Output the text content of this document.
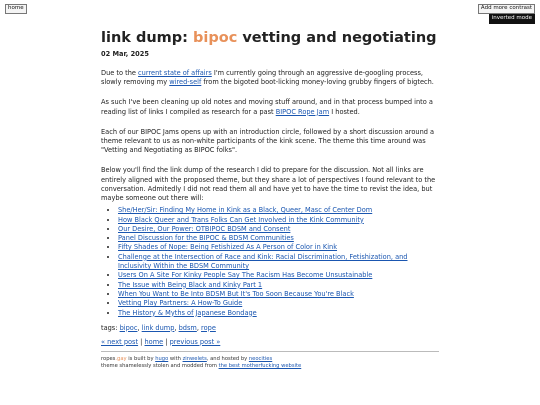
home	Add more contrast
inverted mode
link dump: bipoc vetting and negotiating
02 Mar, 2025

Due to the current state of affairs I'm currently going through an aggressive de-googling process, slowly removing my wired-self from the bigoted boot-licking money-loving grubby fingers of bigtech.

As such I've been cleaning up old notes and moving stuff around, and in that process bumped into a reading list of links I compiled as research for a past BIPOC Rope Jam I hosted.

Each of our BIPOC Jams opens up with an introduction circle, followed by a short discussion around a theme relevant to us as non-white participants of the kink scene. The theme this time around was "Vetting and Negotiating as BIPOC folks".

Below you'll find the link dump of the research I did to prepare for the discussion. Not all links are entirely aligned with the proposed theme, but they share a lot of perspectives I found relevant to the conversation. Admitedly I did not read them all and have yet to have the time to revist the idea, but maybe someone out there will:

• She/Her/Sir: Finding My Home in Kink as a Black, Queer, Masc of Center Dom
• How Black Queer and Trans Folks Can Get Involved in the Kink Community
• Our Desire, Our Power: OTBIPOC BDSM and Consent
• Panel Discussion for the BIPOC & BDSM Communities
• Fifty Shades of Nope: Being Fetishized As A Person of Color in Kink
• Challenge at the Intersection of Race and Kink: Racial Discrimination, Fetishization, and Inclusivity Within the BDSM Community
• Users On A Site For Kinky People Say The Racism Has Become Unsustainable
• The Issue with Being Black and Kinky Part 1
• When You Want to Be Into BDSM But It's Too Soon Because You're Black
• Vetting Play Partners: A How-To Guide
• The History & Myths of Japanese Bondage
tags: bipoc, link dump, bdsm, rope
« next post | home | previous post »
ropes.gay is built by hugo with zinwelets, and hosted by neocities
theme shamelessly stolen and modded from the best motherfucking website
